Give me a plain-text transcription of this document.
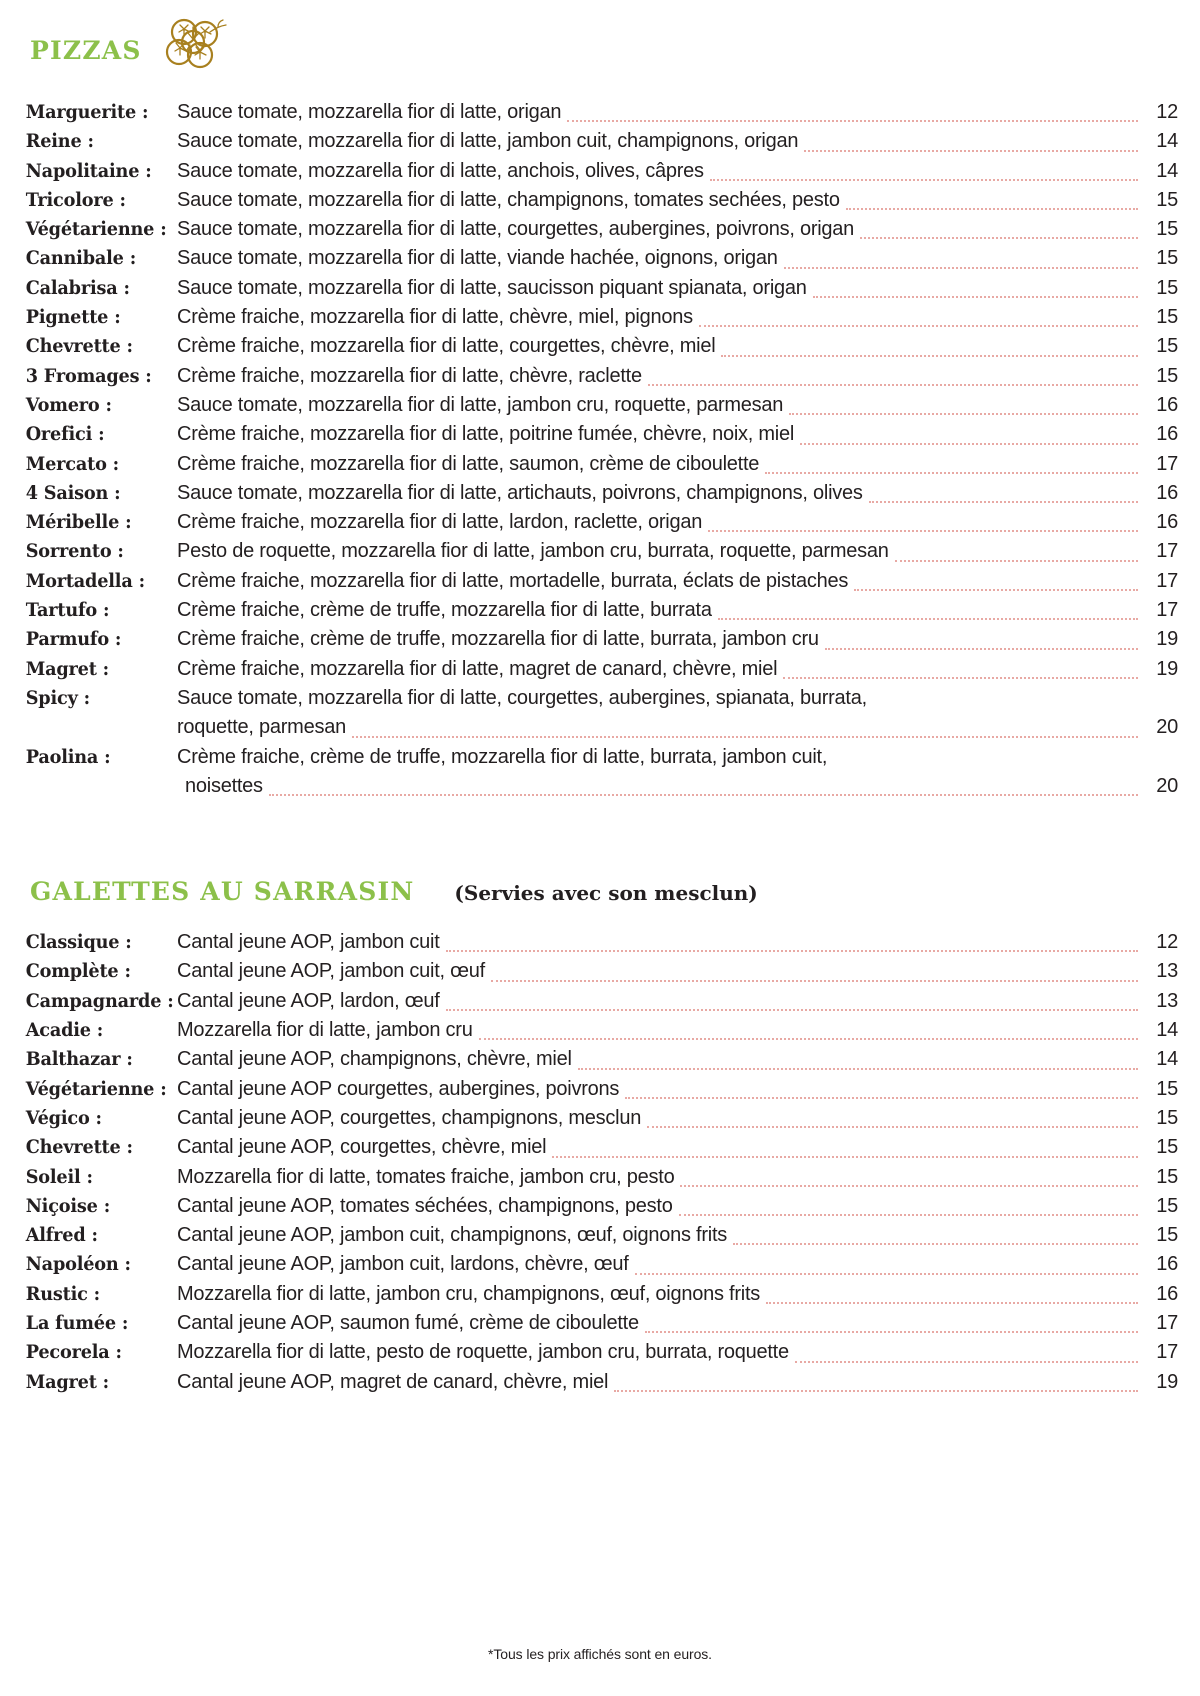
PIZZAS
Marguerite :	Sauce tomate, mozzarella fior di latte, origan	12
Reine :	Sauce tomate, mozzarella fior di latte, jambon cuit, champignons, origan	14
Napolitaine :	Sauce tomate, mozzarella fior di latte, anchois, olives, câpres	14
Tricolore :	Sauce tomate, mozzarella fior di latte, champignons, tomates sechées, pesto	15
Végétarienne : Sauce tomate, mozzarella fior di latte, courgettes, aubergines, poivrons, origan	15
Cannibale :	Sauce tomate, mozzarella fior di latte, viande hachée, oignons, origan	15
Calabrisa :	Sauce tomate, mozzarella fior di latte, saucisson piquant spianata, origan	15
Pignette :	Crème fraiche, mozzarella fior di latte, chèvre, miel, pignons	15
Chevrette :	Crème fraiche, mozzarella fior di latte, courgettes, chèvre, miel	15
3 Fromages :	Crème fraiche, mozzarella fior di latte, chèvre, raclette	15
Vomero :	Sauce tomate, mozzarella fior di latte, jambon cru, roquette, parmesan	16
Orefici :	Crème fraiche, mozzarella fior di latte, poitrine fumée, chèvre, noix, miel	16
Mercato :	Crème fraiche, mozzarella fior di latte, saumon, crème de ciboulette	17
4 Saison :	Sauce tomate, mozzarella fior di latte, artichauts, poivrons, champignons, olives	16
Méribelle :	Crème fraiche, mozzarella fior di latte, lardon, raclette, origan	16
Sorrento :	Pesto de roquette, mozzarella fior di latte, jambon cru, burrata, roquette, parmesan	17
Mortadella :	Crème fraiche, mozzarella fior di latte, mortadelle, burrata, éclats de pistaches	17
Tartufo :	Crème fraiche, crème de truffe, mozzarella fior di latte, burrata	17
Parmufo :	Crème fraiche, crème de truffe, mozzarella fior di latte, burrata, jambon cru	19
Magret :	Crème fraiche, mozzarella fior di latte, magret de canard, chèvre, miel	19
Spicy :	Sauce tomate, mozzarella fior di latte, courgettes, aubergines, spianata, burrata,
roquette, parmesan	20
Paolina :	Crème fraiche, crème de truffe, mozzarella fior di latte, burrata, jambon cuit,
noisettes	20
GALETTES AU SARRASIN (Servies avec son mesclun)
Classique :	Cantal jeune AOP, jambon cuit	12
Complète :	Cantal jeune AOP, jambon cuit, œuf	13
Campagnarde : Cantal jeune AOP, lardon, œuf	13
Acadie :	Mozzarella fior di latte, jambon cru	14
Balthazar :	Cantal jeune AOP, champignons, chèvre, miel	14
Végétarienne : Cantal jeune AOP courgettes, aubergines, poivrons	15
Végico :	Cantal jeune AOP, courgettes, champignons, mesclun	15
Chevrette :	Cantal jeune AOP, courgettes, chèvre, miel	15
Soleil :	Mozzarella fior di latte, tomates fraiche, jambon cru, pesto	15
Niçoise :	Cantal jeune AOP, tomates séchées, champignons, pesto	15
Alfred :	Cantal jeune AOP, jambon cuit, champignons, œuf, oignons frits	15
Napoléon :	Cantal jeune AOP, jambon cuit, lardons, chèvre, œuf	16
Rustic :	Mozzarella fior di latte, jambon cru, champignons, œuf, oignons frits	16
La fumée :	Cantal jeune AOP, saumon fumé, crème de ciboulette	17
Pecorela :	Mozzarella fior di latte, pesto de roquette, jambon cru, burrata, roquette	17
Magret :	Cantal jeune AOP, magret de canard, chèvre, miel	19
*Tous les prix affichés sont en euros.
